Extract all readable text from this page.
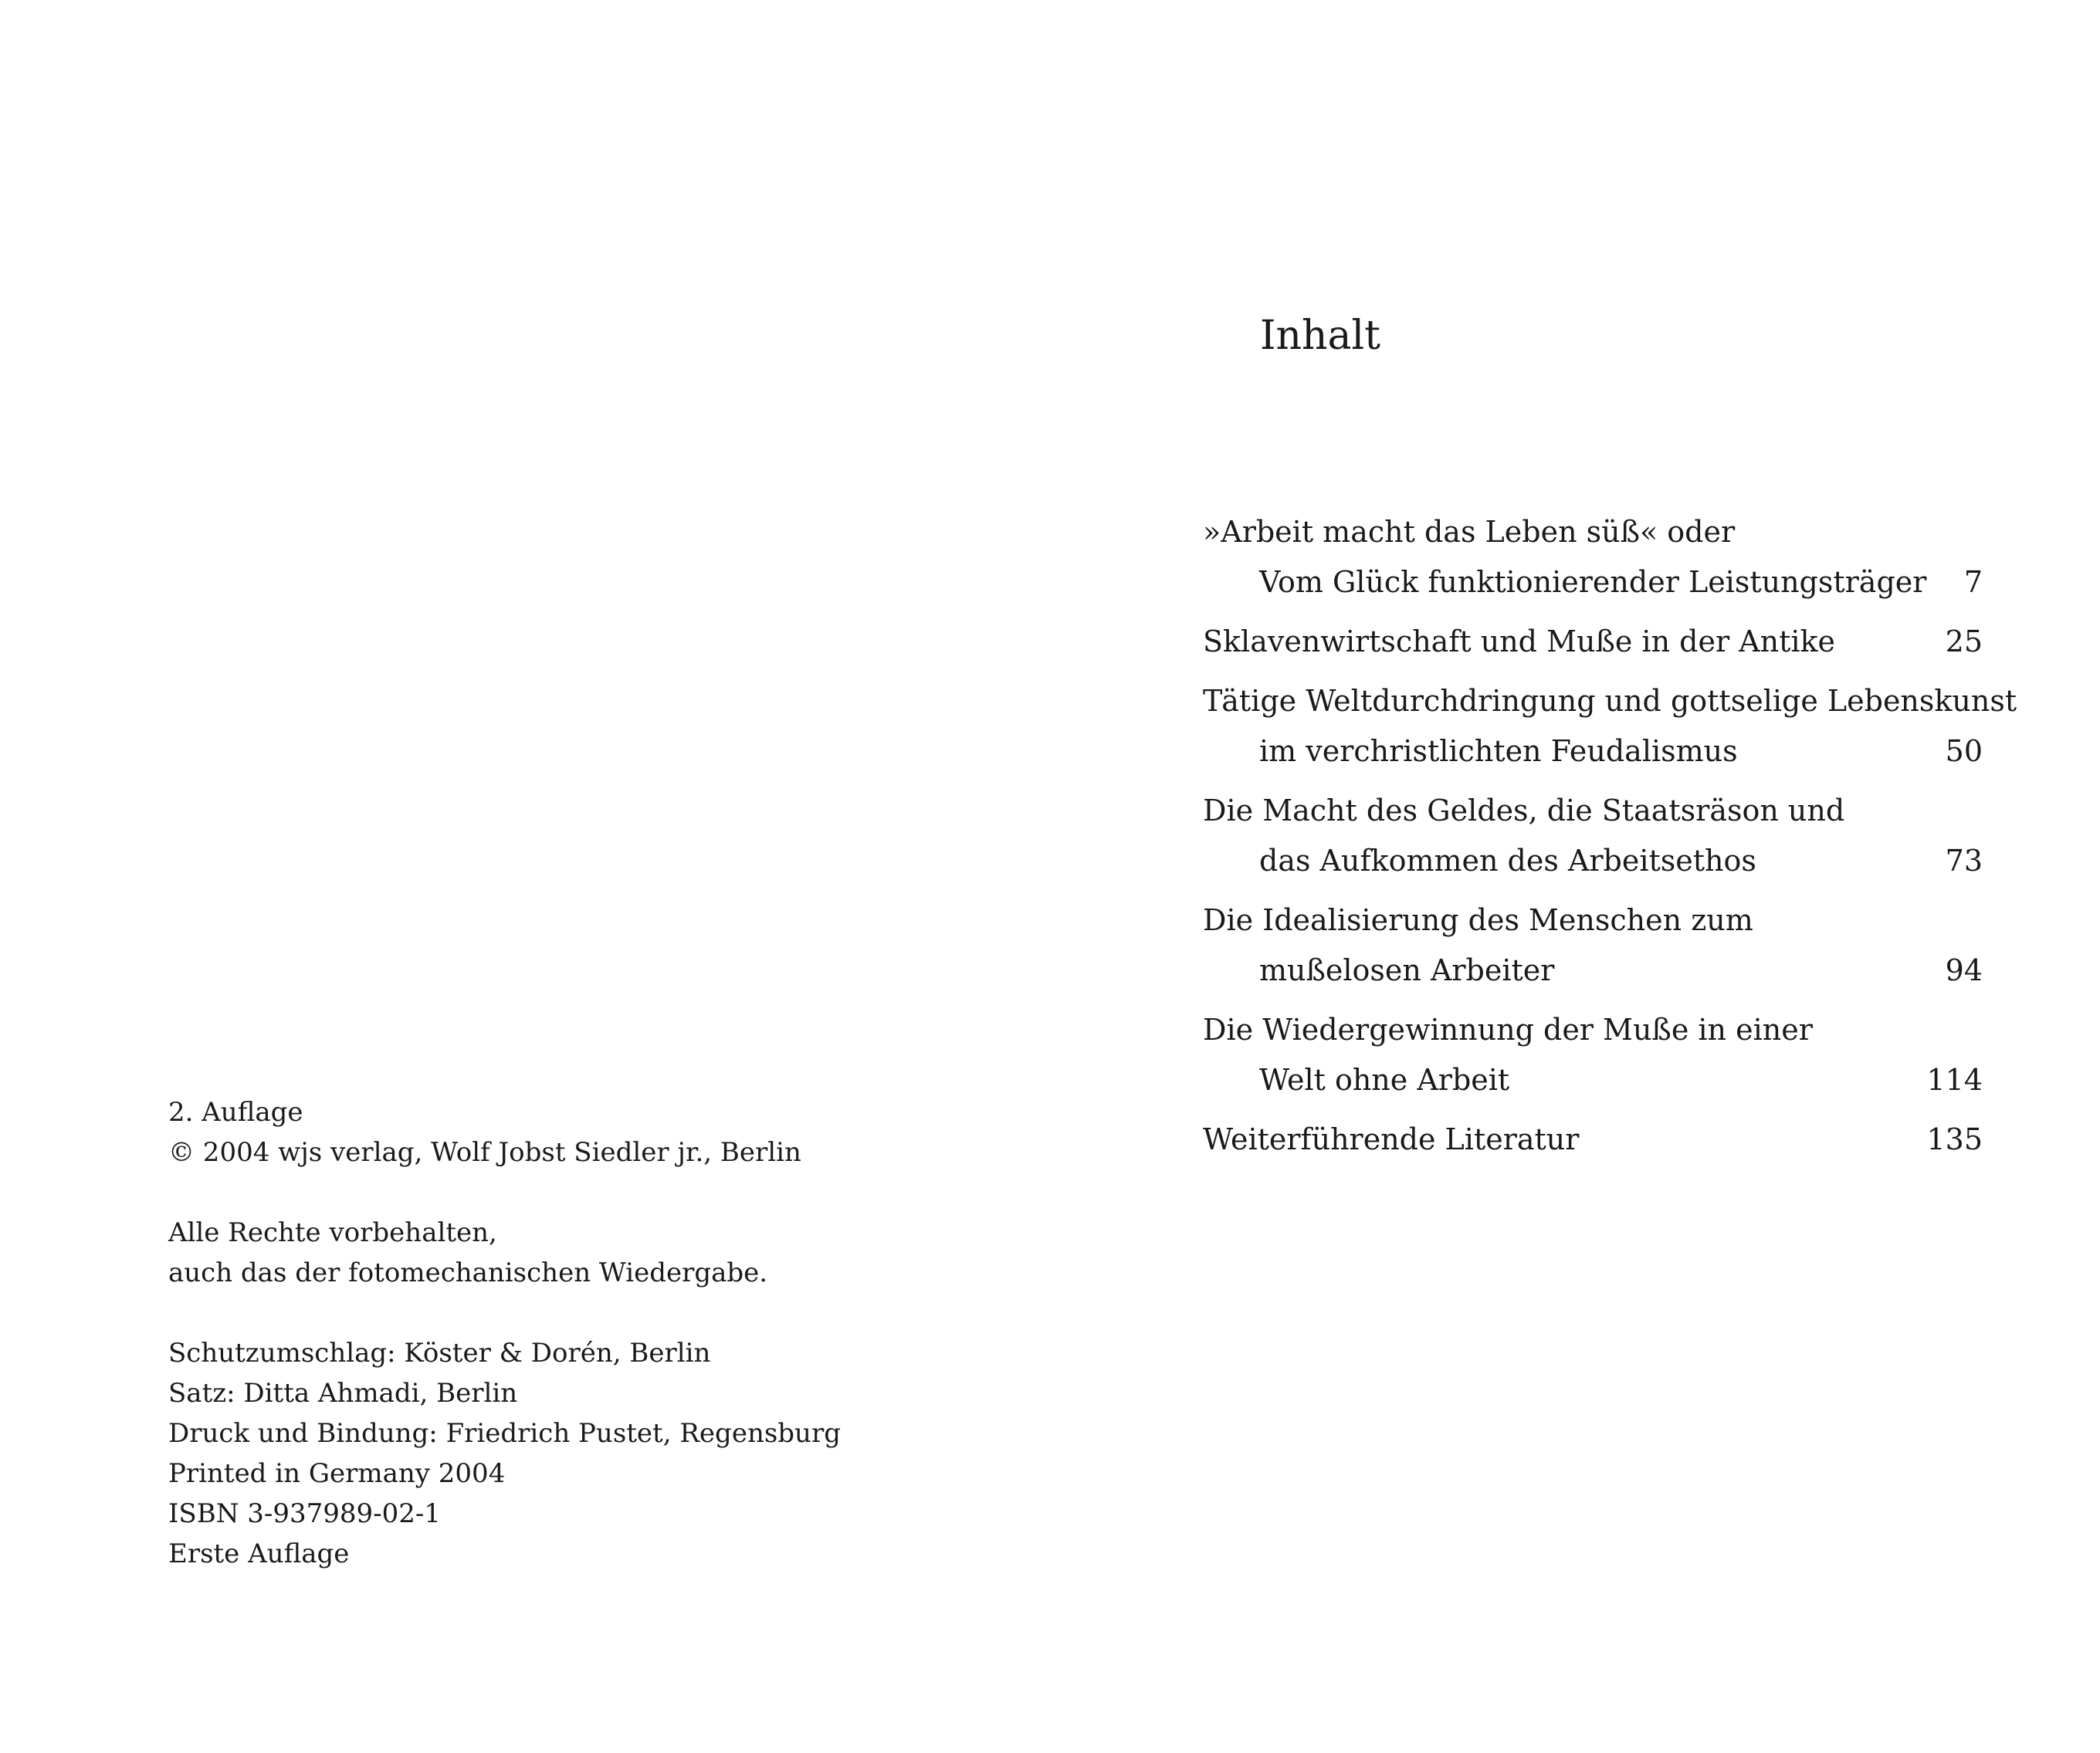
2. Auflage
© 2004 wjs verlag, Wolf Jobst Siedler jr., Berlin

Alle Rechte vorbehalten,
auch das der fotomechanischen Wiedergabe.

Schutzumschlag: Köster & Dorén, Berlin
Satz: Ditta Ahmadi, Berlin
Druck und Bindung: Friedrich Pustet, Regensburg
Printed in Germany 2004
ISBN 3-937989-02-1
Erste Auflage

Inhalt
»Arbeit macht das Leben süß« oder
Vom Glück funktionierender Leistungsträger	7
Sklavenwirtschaft und Muße in der Antike	25
Tätige Weltdurchdringung und gottselige Lebenskunst
im verchristlichten Feudalismus	50
Die Macht des Geldes, die Staatsräson und
das Aufkommen des Arbeitsethos	73
Die Idealisierung des Menschen zum
mußelosen Arbeiter	94
Die Wiedergewinnung der Muße in einer
Welt ohne Arbeit	114
Weiterführende Literatur	135
